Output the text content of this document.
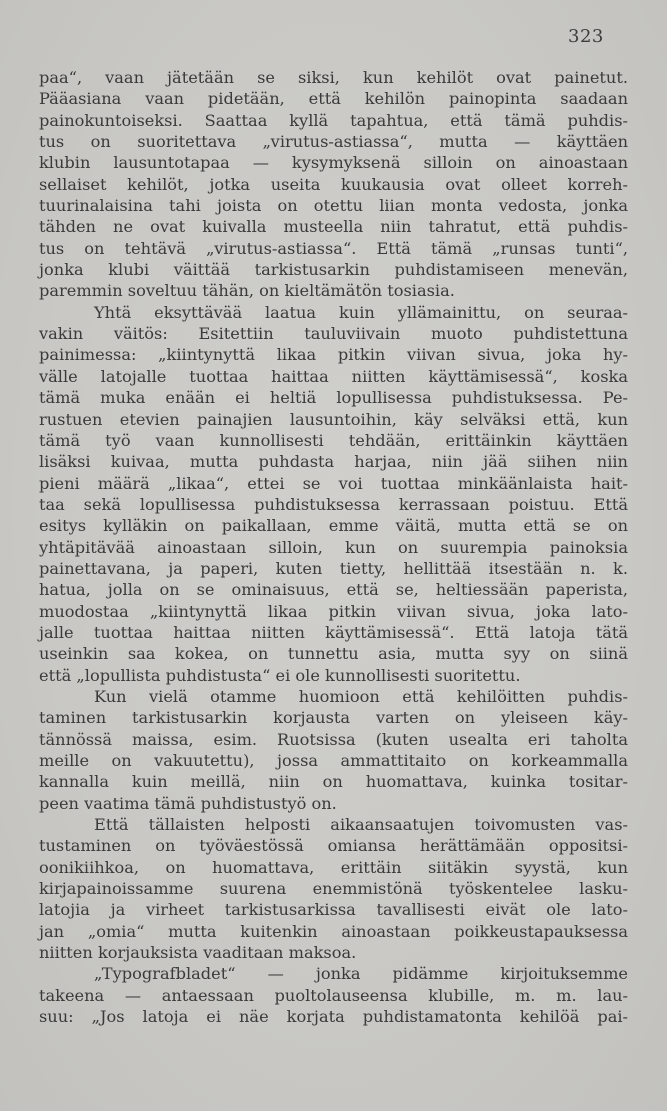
323
paa“, vaan jätetään se siksi, kun kehilöt ovat painetut.
Pääasiana vaan pidetään, että kehilön painopinta saadaan
painokuntoiseksi. Saattaa kyllä tapahtua, että tämä puhdis-
tus on suoritettava „virutus-astiassa“, mutta — käyttäen
klubin lausuntotapaa — kysymyksenä silloin on ainoastaan
sellaiset kehilöt, jotka useita kuukausia ovat olleet korreh-
tuurinalaisina tahi joista on otettu liian monta vedosta, jonka
tähden ne ovat kuivalla musteella niin tahratut, että puhdis-
tus on tehtävä „virutus-astiassa“. Että tämä „runsas tunti“,
jonka klubi väittää tarkistusarkin puhdistamiseen menevän,
paremmin soveltuu tähän, on kieltämätön tosiasia.
Yhtä eksyttävää laatua kuin yllämainittu, on seuraa-
vakin väitös: Esitettiin tauluviivain muoto puhdistettuna
painimessa: „kiintynyttä likaa pitkin viivan sivua, joka hy-
välle latojalle tuottaa haittaa niitten käyttämisessä“, koska
tämä muka enään ei heltiä lopullisessa puhdistuksessa. Pe-
rustuen etevien painajien lausuntoihin, käy selväksi että, kun
tämä työ vaan kunnollisesti tehdään, erittäinkin käyttäen
lisäksi kuivaa, mutta puhdasta harjaa, niin jää siihen niin
pieni määrä „likaa“, ettei se voi tuottaa minkäänlaista hait-
taa sekä lopullisessa puhdistuksessa kerrassaan poistuu. Että
esitys kylläkin on paikallaan, emme väitä, mutta että se on
yhtäpitävää ainoastaan silloin, kun on suurempia painoksia
painettavana, ja paperi, kuten tietty, hellittää itsestään n. k.
hatua, jolla on se ominaisuus, että se, heltiessään paperista,
muodostaa „kiintynyttä likaa pitkin viivan sivua, joka lato-
jalle tuottaa haittaa niitten käyttämisessä“. Että latoja tätä
useinkin saa kokea, on tunnettu asia, mutta syy on siinä
että „lopullista puhdistusta“ ei ole kunnollisesti suoritettu.
Kun vielä otamme huomioon että kehilöitten puhdis-
taminen tarkistusarkin korjausta varten on yleiseen käy-
tännössä maissa, esim. Ruotsissa (kuten usealta eri taholta
meille on vakuutettu), jossa ammattitaito on korkeammalla
kannalla kuin meillä, niin on huomattava, kuinka tositar-
peen vaatima tämä puhdistustyö on.
Että tällaisten helposti aikaansaatujen toivomusten vas-
tustaminen on työväestössä omiansa herättämään oppositsi-
oonikiihkoa, on huomattava, erittäin siitäkin syystä, kun
kirjapainoissamme suurena enemmistönä työskentelee lasku-
latojia ja virheet tarkistusarkissa tavallisesti eivät ole lato-
jan „omia“ mutta kuitenkin ainoastaan poikkeustapauksessa
niitten korjauksista vaaditaan maksoa.
„Typografbladet“ — jonka pidämme kirjoituksemme
takeena — antaessaan puoltolauseensa klubille, m. m. lau-
suu: „Jos latoja ei näe korjata puhdistamatonta kehilöä pai-
